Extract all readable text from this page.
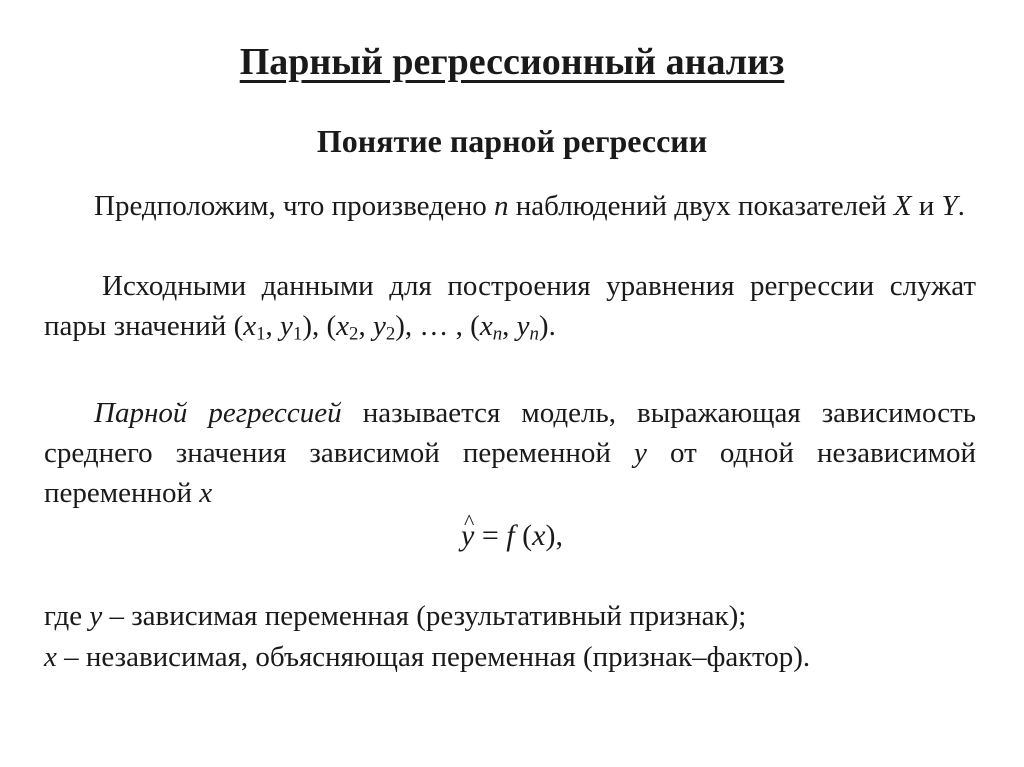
Парный регрессионный анализ
Понятие парной регрессии
Предположим, что произведено n наблюдений двух показателей X и Y.
Исходными данными для построения уравнения регрессии служат пары значений ($x_1$, $y_1$), ($x_2$, $y_2$), … , ($x_n$, $y_n$).
Парной регрессией называется модель, выражающая зависимость среднего значения зависимой переменной y от одной независимой переменной x
^ y = f (x),
где y – зависимая переменная (результативный признак);
x – независимая, объясняющая переменная (признак–фактор).
